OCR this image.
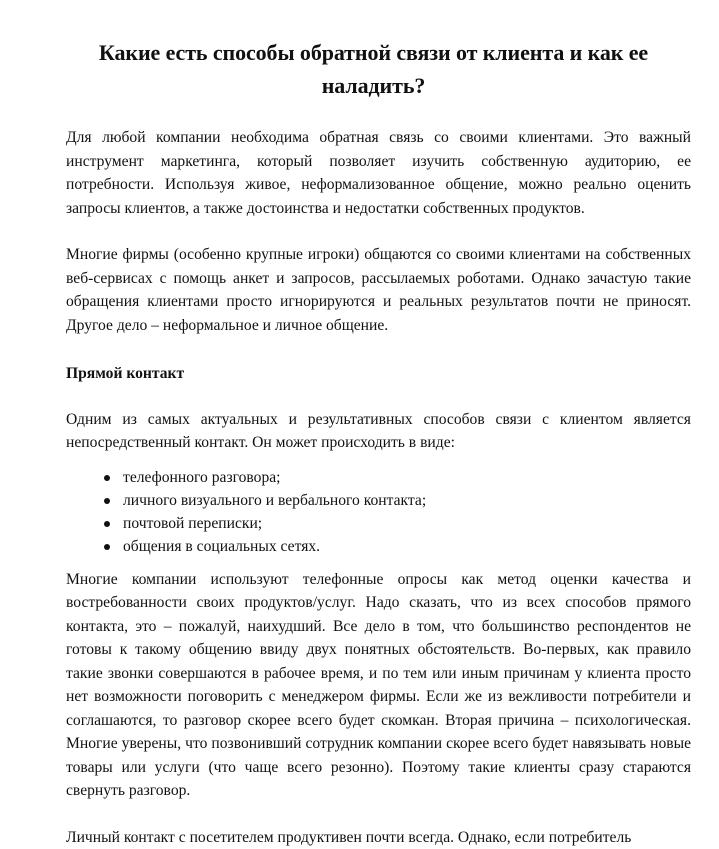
Какие есть способы обратной связи от клиента и как ее наладить?

Для любой компании необходима обратная связь со своими клиентами. Это важный инструмент маркетинга, который позволяет изучить собственную аудиторию, ее потребности. Используя живое, неформализованное общение, можно реально оценить запросы клиентов, а также достоинства и недостатки собственных продуктов.

Многие фирмы (особенно крупные игроки) общаются со своими клиентами на собственных веб-сервисах с помощь анкет и запросов, рассылаемых роботами. Однако зачастую такие обращения клиентами просто игнорируются и реальных результатов почти не приносят. Другое дело – неформальное и личное общение.

Прямой контакт

Одним из самых актуальных и результативных способов связи с клиентом является непосредственный контакт. Он может происходить в виде:

телефонного разговора;
личного визуального и вербального контакта;
почтовой переписки;
общения в социальных сетях.

Многие компании используют телефонные опросы как метод оценки качества и востребованности своих продуктов/услуг. Надо сказать, что из всех способов прямого контакта, это – пожалуй, наихудший. Все дело в том, что большинство респондентов не готовы к такому общению ввиду двух понятных обстоятельств. Во-первых, как правило такие звонки совершаются в рабочее время, и по тем или иным причинам у клиента просто нет возможности поговорить с менеджером фирмы. Если же из вежливости потребители и соглашаются, то разговор скорее всего будет скомкан. Вторая причина – психологическая. Многие уверены, что позвонивший сотрудник компании скорее всего будет навязывать новые товары или услуги (что чаще всего резонно). Поэтому такие клиенты сразу стараются свернуть разговор.

Личный контакт с посетителем продуктивен почти всегда. Однако, если потребитель
